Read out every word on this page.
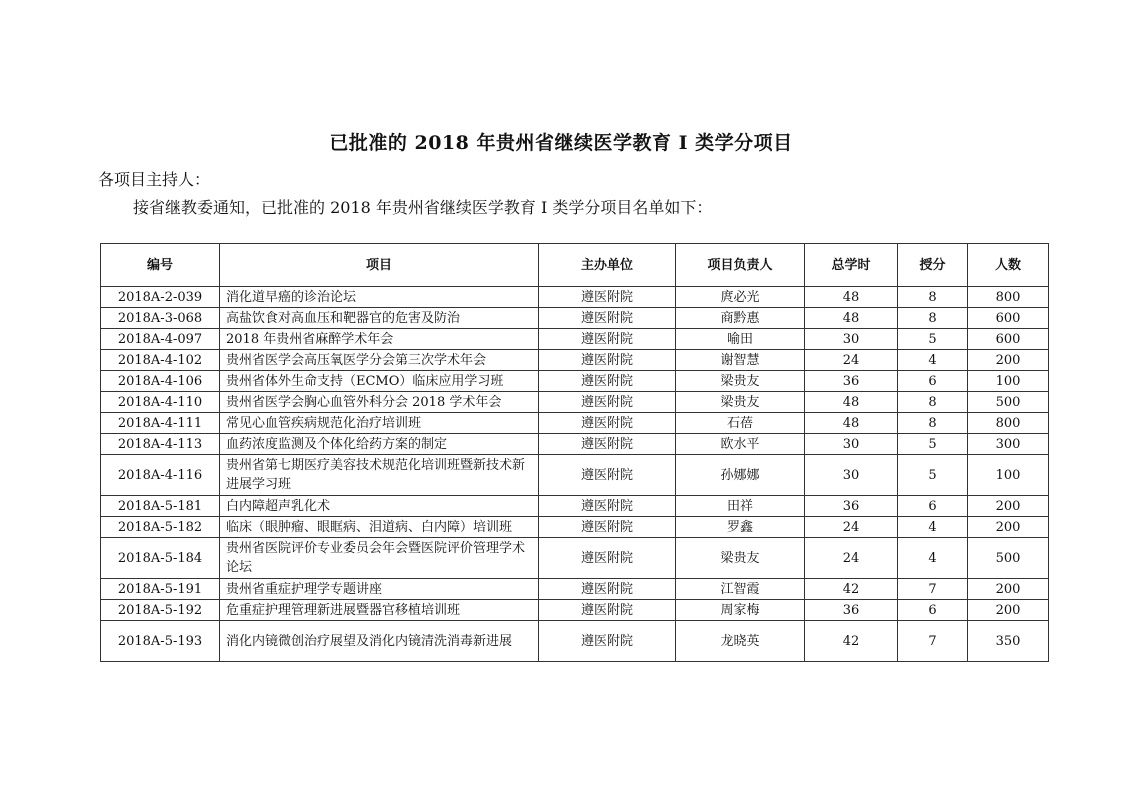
已批准的 2018 年贵州省继续医学教育 I 类学分项目
各项目主持人：
接省继教委通知，已批准的 2018 年贵州省继续医学教育 I 类学分项目名单如下：
编号	项目	主办单位	项目负责人	总学时	授分	人数
2018A-2-039	消化道早癌的诊治论坛	遵医附院	庹必光	48	8	800
2018A-3-068	高盐饮食对高血压和靶器官的危害及防治	遵医附院	商黔惠	48	8	600
2018A-4-097	2018 年贵州省麻醉学术年会	遵医附院	喻田	30	5	600
2018A-4-102	贵州省医学会高压氧医学分会第三次学术年会	遵医附院	谢智慧	24	4	200
2018A-4-106	贵州省体外生命支持（ECMO）临床应用学习班	遵医附院	梁贵友	36	6	100
2018A-4-110	贵州省医学会胸心血管外科分会 2018 学术年会	遵医附院	梁贵友	48	8	500
2018A-4-111	常见心血管疾病规范化治疗培训班	遵医附院	石蓓	48	8	800
2018A-4-113	血药浓度监测及个体化给药方案的制定	遵医附院	欧水平	30	5	300
2018A-4-116	贵州省第七期医疗美容技术规范化培训班暨新技术新进展学习班	遵医附院	孙娜娜	30	5	100
2018A-5-181	白内障超声乳化术	遵医附院	田祥	36	6	200
2018A-5-182	临床（眼肿瘤、眼眶病、泪道病、白内障）培训班	遵医附院	罗鑫	24	4	200
2018A-5-184	贵州省医院评价专业委员会年会暨医院评价管理学术论坛	遵医附院	梁贵友	24	4	500
2018A-5-191	贵州省重症护理学专题讲座	遵医附院	江智霞	42	7	200
2018A-5-192	危重症护理管理新进展暨器官移植培训班	遵医附院	周家梅	36	6	200
2018A-5-193	消化内镜微创治疗展望及消化内镜清洗消毒新进展	遵医附院	龙晓英	42	7	350
